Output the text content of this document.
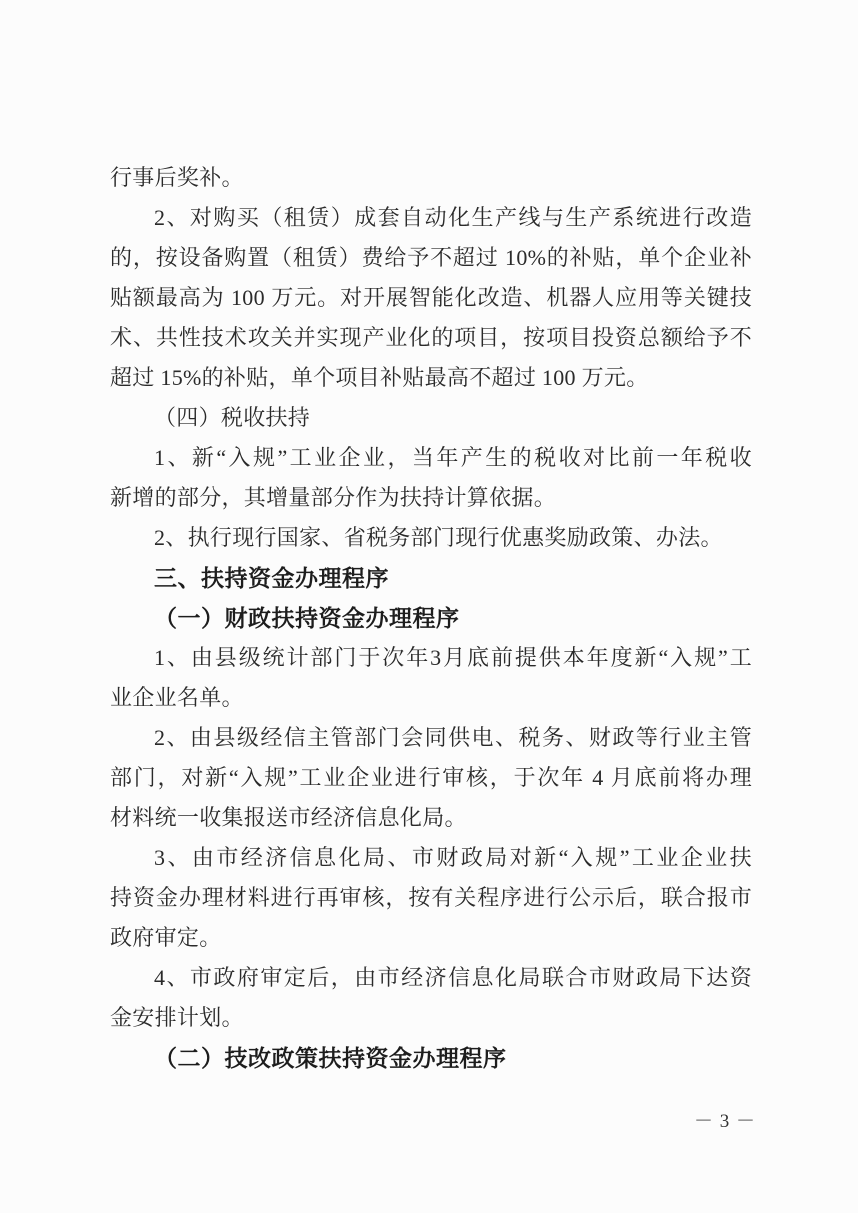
行事后奖补。
2、对购买（租赁）成套自动化生产线与生产系统进行改造
的，按设备购置（租赁）费给予不超过 10%的补贴，单个企业补
贴额最高为 100 万元。对开展智能化改造、机器人应用等关键技
术、共性技术攻关并实现产业化的项目，按项目投资总额给予不
超过 15%的补贴，单个项目补贴最高不超过 100 万元。
（四）税收扶持
1、新“入规”工业企业，当年产生的税收对比前一年税收
新增的部分，其增量部分作为扶持计算依据。
2、执行现行国家、省税务部门现行优惠奖励政策、办法。
三、扶持资金办理程序
（一）财政扶持资金办理程序
1、由县级统计部门于次年3月底前提供本年度新“入规”工
业企业名单。
2、由县级经信主管部门会同供电、税务、财政等行业主管
部门，对新“入规”工业企业进行审核，于次年 4 月底前将办理
材料统一收集报送市经济信息化局。
3、由市经济信息化局、市财政局对新“入规”工业企业扶
持资金办理材料进行再审核，按有关程序进行公示后，联合报市
政府审定。
4、市政府审定后，由市经济信息化局联合市财政局下达资
金安排计划。
（二）技改政策扶持资金办理程序
－ 3 －
